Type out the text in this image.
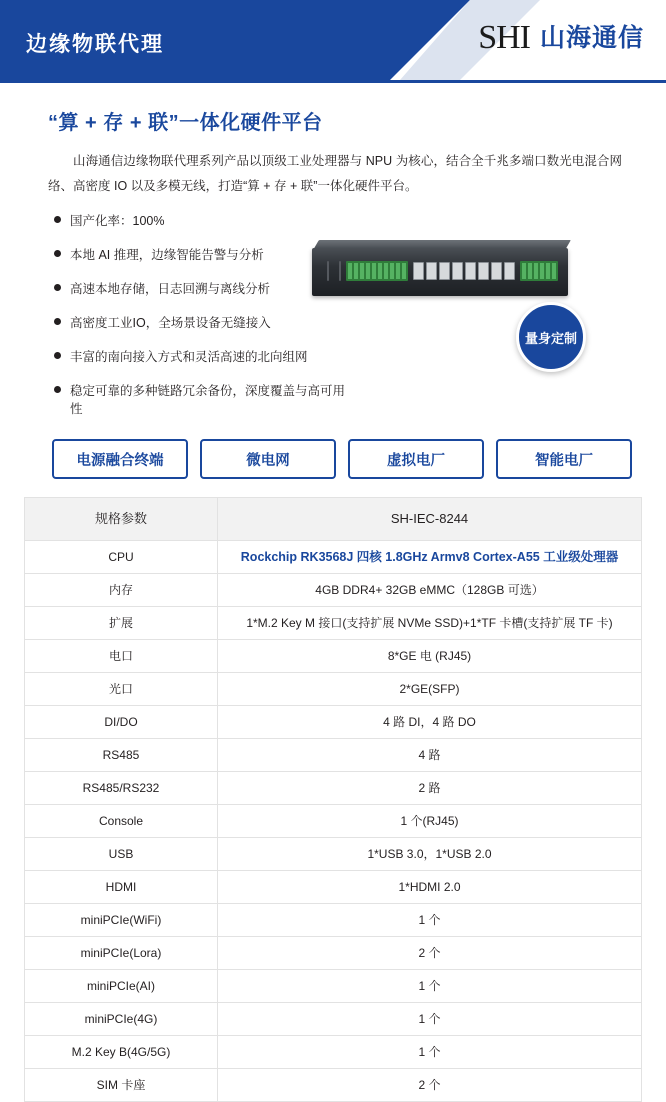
边缘物联代理	SHI 山海通信
“算 + 存 + 联”一体化硬件平台

山海通信边缘物联代理系列产品以顶级工业处理器与 NPU 为核心，结合全千兆多端口数光电混合网络、高密度 IO 以及多模无线，打造“算 + 存 + 联”一体化硬件平台。

国产化率：100%
本地 AI 推理，边缘智能告警与分析
高速本地存储，日志回溯与离线分析
高密度工业IO，全场景设备无缝接入
丰富的南向接入方式和灵活高速的北向组网
稳定可靠的多种链路冗余备份，深度覆盖与高可用性
量身定制
电源融合终端	微电网	虚拟电厂	智能电厂
规格参数	SH-IEC-8244
CPU	Rockchip RK3568J 四核 1.8GHz Armv8 Cortex-A55 工业级处理器
内存	4GB DDR4+ 32GB eMMC（128GB 可选）
扩展	1*M.2 Key M 接口(支持扩展 NVMe SSD)+1*TF 卡槽(支持扩展 TF 卡)
电口	8*GE 电 (RJ45)
光口	2*GE(SFP)
DI/DO	4 路 DI，4 路 DO
RS485	4 路
RS485/RS232	2 路
Console	1 个(RJ45)
USB	1*USB 3.0，1*USB 2.0
HDMI	1*HDMI 2.0
miniPCIe(WiFi)	1 个
miniPCIe(Lora)	2 个
miniPCIe(AI)	1 个
miniPCIe(4G)	1 个
M.2 Key B(4G/5G)	1 个
SIM 卡座	2 个
